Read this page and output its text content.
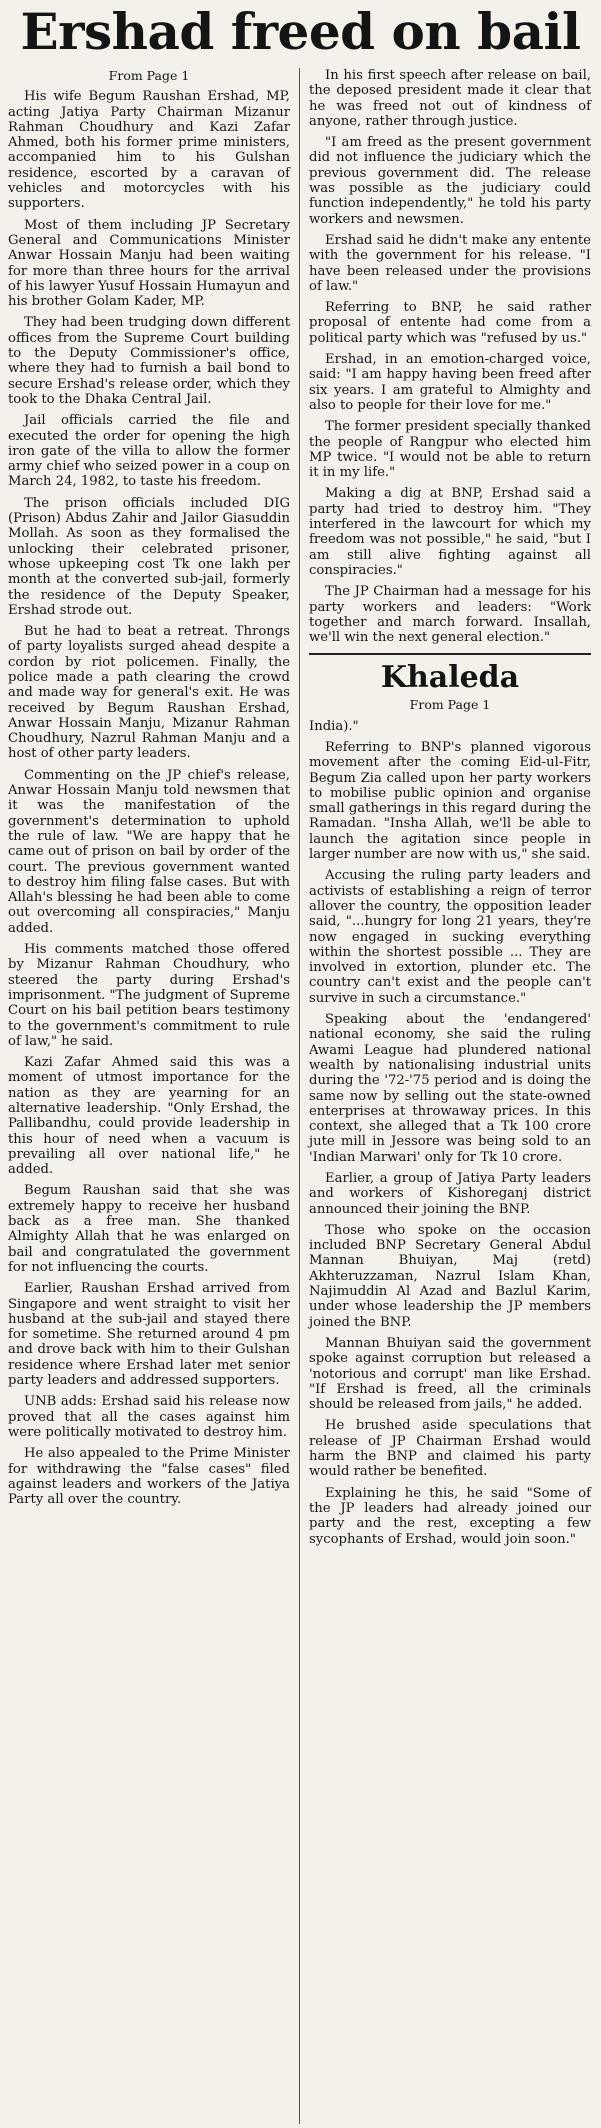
Ershad freed on bail

From Page 1

His wife Begum Raushan Ershad, MP, acting Jatiya Party Chairman Mizanur Rahman Choudhury and Kazi Zafar Ahmed, both his former prime ministers, accompanied him to his Gulshan residence, escorted by a caravan of vehicles and motorcycles with his supporters.

Most of them including JP Secretary General and Communications Minister Anwar Hossain Manju had been waiting for more than three hours for the arrival of his lawyer Yusuf Hossain Humayun and his brother Golam Kader, MP.

They had been trudging down different offices from the Supreme Court building to the Deputy Commissioner's office, where they had to furnish a bail bond to secure Ershad's release order, which they took to the Dhaka Central Jail.

Jail officials carried the file and executed the order for opening the high iron gate of the villa to allow the former army chief who seized power in a coup on March 24, 1982, to taste his freedom.

The prison officials included DIG (Prison) Abdus Zahir and Jailor Giasuddin Mollah. As soon as they formalised the unlocking their celebrated prisoner, whose upkeeping cost Tk one lakh per month at the converted sub-jail, formerly the residence of the Deputy Speaker, Ershad strode out.

But he had to beat a retreat. Throngs of party loyalists surged ahead despite a cordon by riot policemen. Finally, the police made a path clearing the crowd and made way for general's exit. He was received by Begum Raushan Ershad, Anwar Hossain Manju, Mizanur Rahman Choudhury, Nazrul Rahman Manju and a host of other party leaders.

Commenting on the JP chief's release, Anwar Hossain Manju told newsmen that it was the manifestation of the government's determination to uphold the rule of law. "We are happy that he came out of prison on bail by order of the court. The previous government wanted to destroy him filing false cases. But with Allah's blessing he had been able to come out overcoming all conspiracies," Manju added.

His comments matched those offered by Mizanur Rahman Choudhury, who steered the party during Ershad's imprisonment. "The judgment of Supreme Court on his bail petition bears testimony to the government's commitment to rule of law," he said.

Kazi Zafar Ahmed said this was a moment of utmost importance for the nation as they are yearning for an alternative leadership. "Only Ershad, the Pallibandhu, could provide leadership in this hour of need when a vacuum is prevailing all over national life," he added.

Begum Raushan said that she was extremely happy to receive her husband back as a free man. She thanked Almighty Allah that he was enlarged on bail and congratulated the government for not influencing the courts.

Earlier, Raushan Ershad arrived from Singapore and went straight to visit her husband at the sub-jail and stayed there for sometime. She returned around 4 pm and drove back with him to their Gulshan residence where Ershad later met senior party leaders and addressed supporters.

UNB adds: Ershad said his release now proved that all the cases against him were politically motivated to destroy him.

He also appealed to the Prime Minister for withdrawing the "false cases" filed against leaders and workers of the Jatiya Party all over the country.

In his first speech after release on bail, the deposed president made it clear that he was freed not out of kindness of anyone, rather through justice.

"I am freed as the present government did not influence the judiciary which the previous government did. The release was possible as the judiciary could function independently," he told his party workers and newsmen.

Ershad said he didn't make any entente with the government for his release. "I have been released under the provisions of law."

Referring to BNP, he said rather proposal of entente had come from a political party which was "refused by us."

Ershad, in an emotion-charged voice, said: "I am happy having been freed after six years. I am grateful to Almighty and also to people for their love for me."

The former president specially thanked the people of Rangpur who elected him MP twice. "I would not be able to return it in my life."

Making a dig at BNP, Ershad said a party had tried to destroy him. "They interfered in the lawcourt for which my freedom was not possible," he said, "but I am still alive fighting against all conspiracies."

The JP Chairman had a message for his party workers and leaders: "Work together and march forward. Insallah, we'll win the next general election."

Khaleda

From Page 1

India)."

Referring to BNP's planned vigorous movement after the coming Eid-ul-Fitr, Begum Zia called upon her party workers to mobilise public opinion and organise small gatherings in this regard during the Ramadan. "Insha Allah, we'll be able to launch the agitation since people in larger number are now with us," she said.

Accusing the ruling party leaders and activists of establishing a reign of terror allover the country, the opposition leader said, "...hungry for long 21 years, they're now engaged in sucking everything within the shortest possible ... They are involved in extortion, plunder etc. The country can't exist and the people can't survive in such a circumstance."

Speaking about the 'endangered' national economy, she said the ruling Awami League had plundered national wealth by nationalising industrial units during the '72-'75 period and is doing the same now by selling out the state-owned enterprises at throwaway prices. In this context, she alleged that a Tk 100 crore jute mill in Jessore was being sold to an 'Indian Marwari' only for Tk 10 crore.

Earlier, a group of Jatiya Party leaders and workers of Kishoreganj district announced their joining the BNP.

Those who spoke on the occasion included BNP Secretary General Abdul Mannan Bhuiyan, Maj (retd) Akhteruzzaman, Nazrul Islam Khan, Najimuddin Al Azad and Bazlul Karim, under whose leadership the JP members joined the BNP.

Mannan Bhuiyan said the government spoke against corruption but released a 'notorious and corrupt' man like Ershad. "If Ershad is freed, all the criminals should be released from jails," he added.

He brushed aside speculations that release of JP Chairman Ershad would harm the BNP and claimed his party would rather be benefited.

Explaining he this, he said "Some of the JP leaders had already joined our party and the rest, excepting a few sycophants of Ershad, would join soon."
